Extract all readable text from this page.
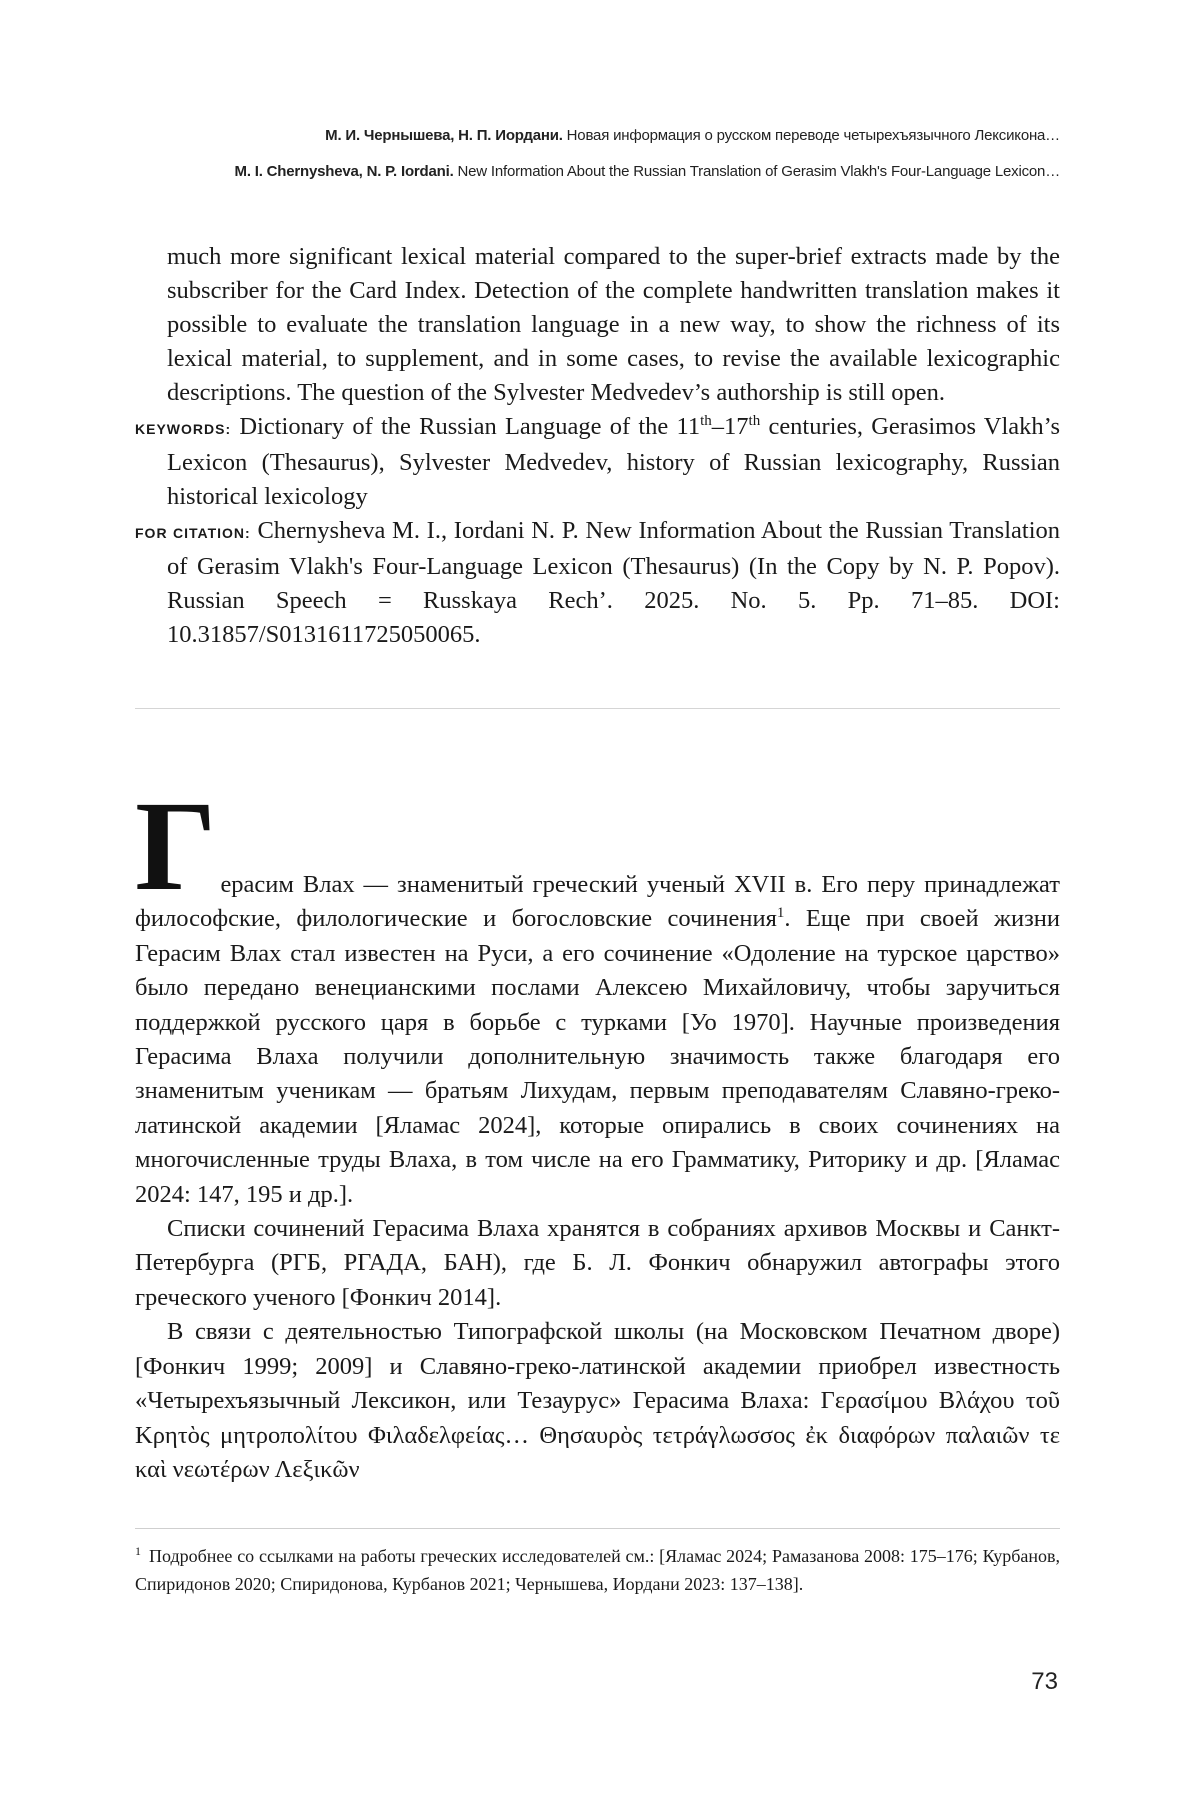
М. И. Чернышева, Н. П. Иордани. Новая информация о русском переводе четырехъязычного Лексикона…
M. I. Chernysheva, N. P. Iordani. New Information About the Russian Translation of Gerasim Vlakh's Four-Language Lexicon…
much more significant lexical material compared to the super-brief extracts made by the subscriber for the Card Index. Detection of the complete handwritten translation makes it possible to evaluate the translation language in a new way, to show the richness of its lexical material, to supplement, and in some cases, to revise the available lexicographic descriptions. The question of the Sylvester Medvedev’s authorship is still open.
KEYWORDS: Dictionary of the Russian Language of the 11th–17th centuries, Gerasimos Vlakh’s Lexicon (Thesaurus), Sylvester Medvedev, history of Russian lexicography, Russian historical lexicology
FOR CITATION: Chernysheva M. I., Iordani N. P. New Information About the Russian Translation of Gerasim Vlakh's Four-Language Lexicon (Thesaurus) (In the Copy by N. P. Popov). Russian Speech = Russkaya Rech’. 2025. No. 5. Pp. 71–85. DOI: 10.31857/S0131611725050065.

Герасим Влах — знаменитый греческий ученый XVII в. Его перу принадлежат философские, филологические и богословские сочинения$^1$. Еще при своей жизни Герасим Влах стал известен на Руси, а его сочинение «Одоление на турское царство» было передано венецианскими послами Алексею Михайловичу, чтобы заручиться поддержкой русского царя в борьбе с турками [Уо 1970]. Научные произведения Герасима Влаха получили дополнительную значимость также благодаря его знаменитым ученикам — братьям Лихудам, первым преподавателям Славяно-греко-латинской академии [Яламас 2024], которые опирались в своих сочинениях на многочисленные труды Влаха, в том числе на его Грамматику, Риторику и др. [Яламас 2024: 147, 195 и др.].

Списки сочинений Герасима Влаха хранятся в собраниях архивов Москвы и Санкт-Петербурга (РГБ, РГАДА, БАН), где Б. Л. Фонкич обнаружил автографы этого греческого ученого [Фонкич 2014].

В связи с деятельностью Типографской школы (на Московском Печатном дворе) [Фонкич 1999; 2009] и Славяно-греко-латинской академии приобрел известность «Четырехъязычный Лексикон, или Тезаурус» Герасима Влаха: Γερασίμου Βλάχου τοῦ Κρητὸς μητροπολίτου Φιλαδελφείας… Θησαυρὸς τετράγλωσσος ἐκ διαφόρων παλαιῶν τε καὶ νεωτέρων Λεξικῶν

$^1$ Подробнее со ссылками на работы греческих исследователей см.: [Яламас 2024; Рамазанова 2008: 175–176; Курбанов, Спиридонов 2020; Спиридонова, Курбанов 2021; Чернышева, Иордани 2023: 137–138].
73
